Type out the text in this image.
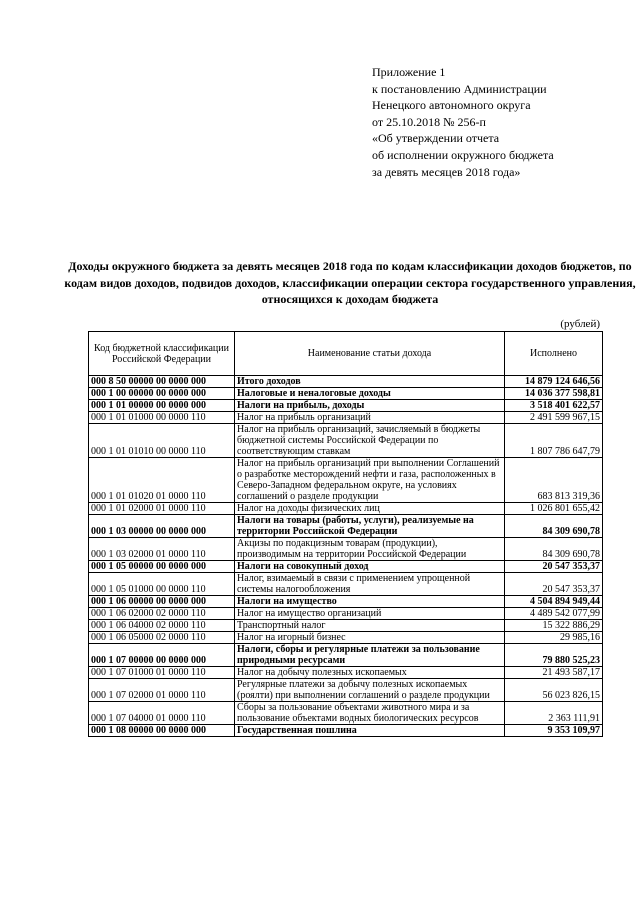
Приложение 1
к постановлению Администрации
Ненецкого автономного округа
от 25.10.2018 № 256-п
«Об утверждении отчета
об исполнении окружного бюджета
за девять месяцев 2018 года»
Доходы окружного бюджета за девять месяцев 2018 года по кодам классификации доходов бюджетов, по кодам видов доходов, подвидов доходов, классификации операции сектора государственного управления, относящихся к доходам бюджета
(рублей)
Код бюджетной классификации Российской Федерации	Наименование статьи дохода	Исполнено
000 8 50 00000 00 0000 000	Итого доходов	14 879 124 646,56
000 1 00 00000 00 0000 000	Налоговые и неналоговые доходы	14 036 377 598,81
000 1 01 00000 00 0000 000	Налоги на прибыль, доходы	3 518 401 622,57
000 1 01 01000 00 0000 110	Налог на прибыль организаций	2 491 599 967,15
000 1 01 01010 00 0000 110	Налог на прибыль организаций, зачисляемый в бюджеты бюджетной системы Российской Федерации по соответствующим ставкам	1 807 786 647,79
000 1 01 01020 01 0000 110	Налог на прибыль организаций при выполнении Соглашений о разработке месторождений нефти и газа, расположенных в Северо-Западном федеральном округе, на условиях соглашений о разделе продукции	683 813 319,36
000 1 01 02000 01 0000 110	Налог на доходы физических лиц	1 026 801 655,42
000 1 03 00000 00 0000 000	Налоги на товары (работы, услуги), реализуемые на территории Российской Федерации	84 309 690,78
000 1 03 02000 01 0000 110	Акцизы по подакцизным товарам (продукции), производимым на территории Российской Федерации	84 309 690,78
000 1 05 00000 00 0000 000	Налоги на совокупный доход	20 547 353,37
000 1 05 01000 00 0000 110	Налог, взимаемый в связи с применением упрощенной системы налогообложения	20 547 353,37
000 1 06 00000 00 0000 000	Налоги на имущество	4 504 894 949,44
000 1 06 02000 02 0000 110	Налог на имущество организаций	4 489 542 077,99
000 1 06 04000 02 0000 110	Транспортный налог	15 322 886,29
000 1 06 05000 02 0000 110	Налог на игорный бизнес	29 985,16
000 1 07 00000 00 0000 000	Налоги, сборы и регулярные платежи за пользование природными ресурсами	79 880 525,23
000 1 07 01000 01 0000 110	Налог на добычу полезных ископаемых	21 493 587,17
000 1 07 02000 01 0000 110	Регулярные платежи за добычу полезных ископаемых (роялти) при выполнении соглашений о разделе продукции	56 023 826,15
000 1 07 04000 01 0000 110	Сборы за пользование объектами животного мира и за пользование объектами водных биологических ресурсов	2 363 111,91
000 1 08 00000 00 0000 000	Государственная пошлина	9 353 109,97
